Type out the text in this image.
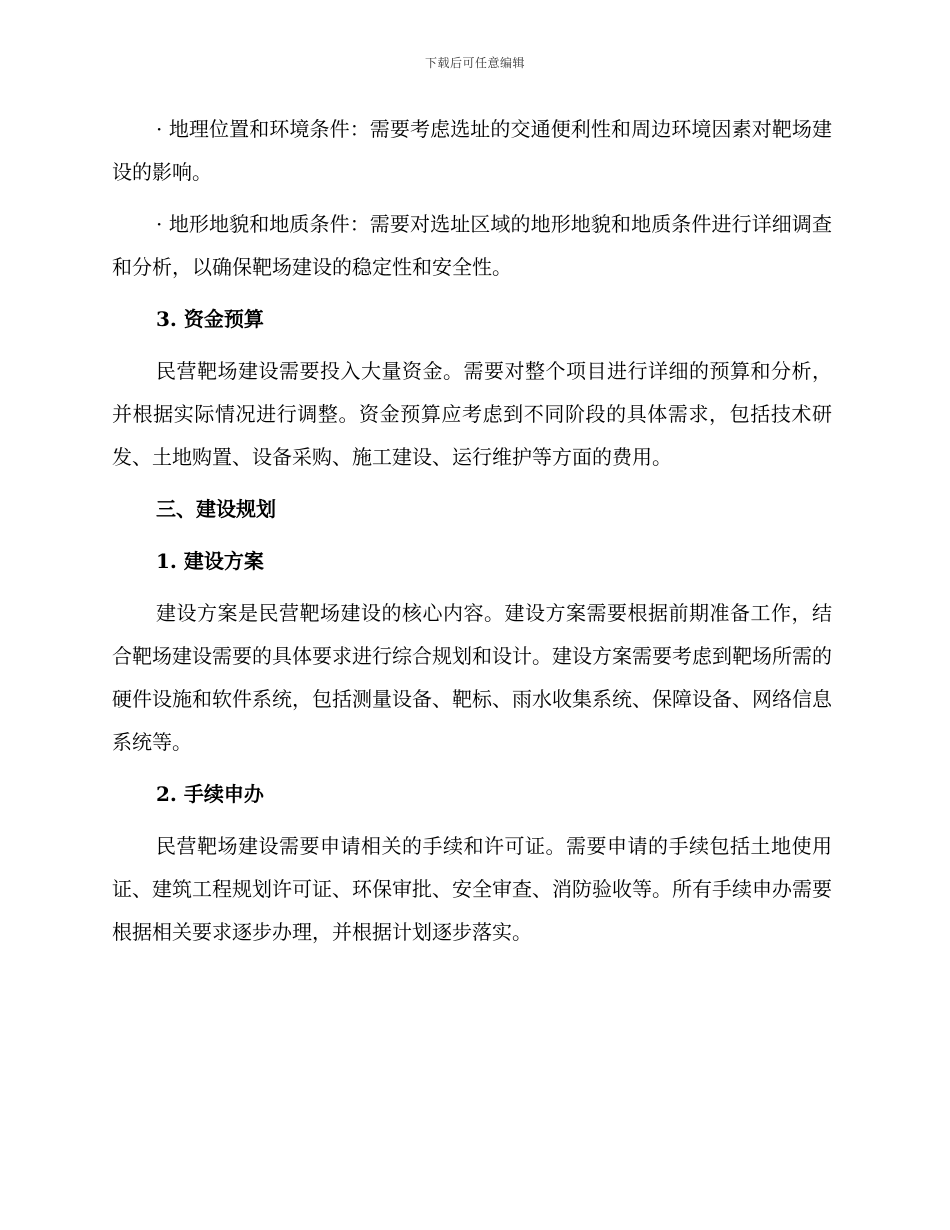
下载后可任意编辑

· 地理位置和环境条件：需要考虑选址的交通便利性和周边环境因素对靶场建设的影响。

· 地形地貌和地质条件：需要对选址区域的地形地貌和地质条件进行详细调查和分析，以确保靶场建设的稳定性和安全性。

3. 资金预算

民营靶场建设需要投入大量资金。需要对整个项目进行详细的预算和分析，并根据实际情况进行调整。资金预算应考虑到不同阶段的具体需求，包括技术研发、土地购置、设备采购、施工建设、运行维护等方面的费用。

三、建设规划

1. 建设方案

建设方案是民营靶场建设的核心内容。建设方案需要根据前期准备工作，结合靶场建设需要的具体要求进行综合规划和设计。建设方案需要考虑到靶场所需的硬件设施和软件系统，包括测量设备、靶标、雨水收集系统、保障设备、网络信息系统等。

2. 手续申办

民营靶场建设需要申请相关的手续和许可证。需要申请的手续包括土地使用证、建筑工程规划许可证、环保审批、安全审查、消防验收等。所有手续申办需要根据相关要求逐步办理，并根据计划逐步落实。
